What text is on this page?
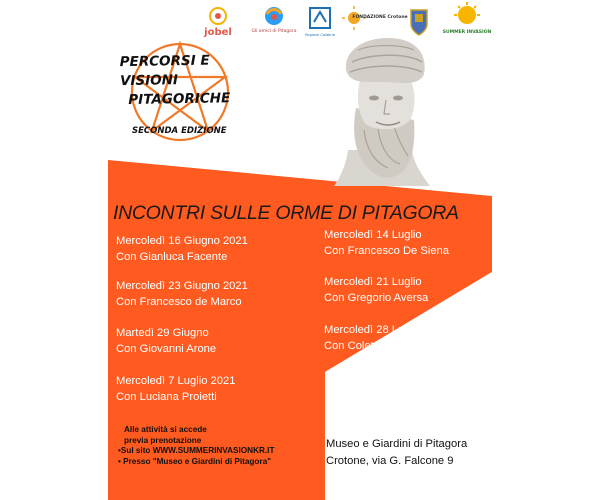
jobel	Gli amici di Pitagora
Regione Calabria
FONDAZIONE Crotone
SUMMER INVASION
PERCORSI E
VISIONI
PITAGORICHE
SECONDA EDIZIONE
INCONTRI SULLE ORME DI PITAGORA
Mercoledì 16 Giugno 2021
Con Gianluca Facente
Mercoledì 23 Giugno 2021
Con Francesco de Marco
Martedì 29 Giugno
Con Giovanni Arone
Mercoledì 7 Luglio 2021
Con Luciana Proietti
Mercoledì 14 Luglio
Con Francesco De Siena
Mercoledì 21 Luglio
Con Gregorio Aversa
Mercoledì 28 Luglio
Con Colette Fischer
Alle attività si accede
previa prenotazione
•Sul sito WWW.SUMMERINVASIONKR.IT
• Presso "Museo e Giardini di Pitagora"
Museo e Giardini di Pitagora
Crotone, via G. Falcone 9
